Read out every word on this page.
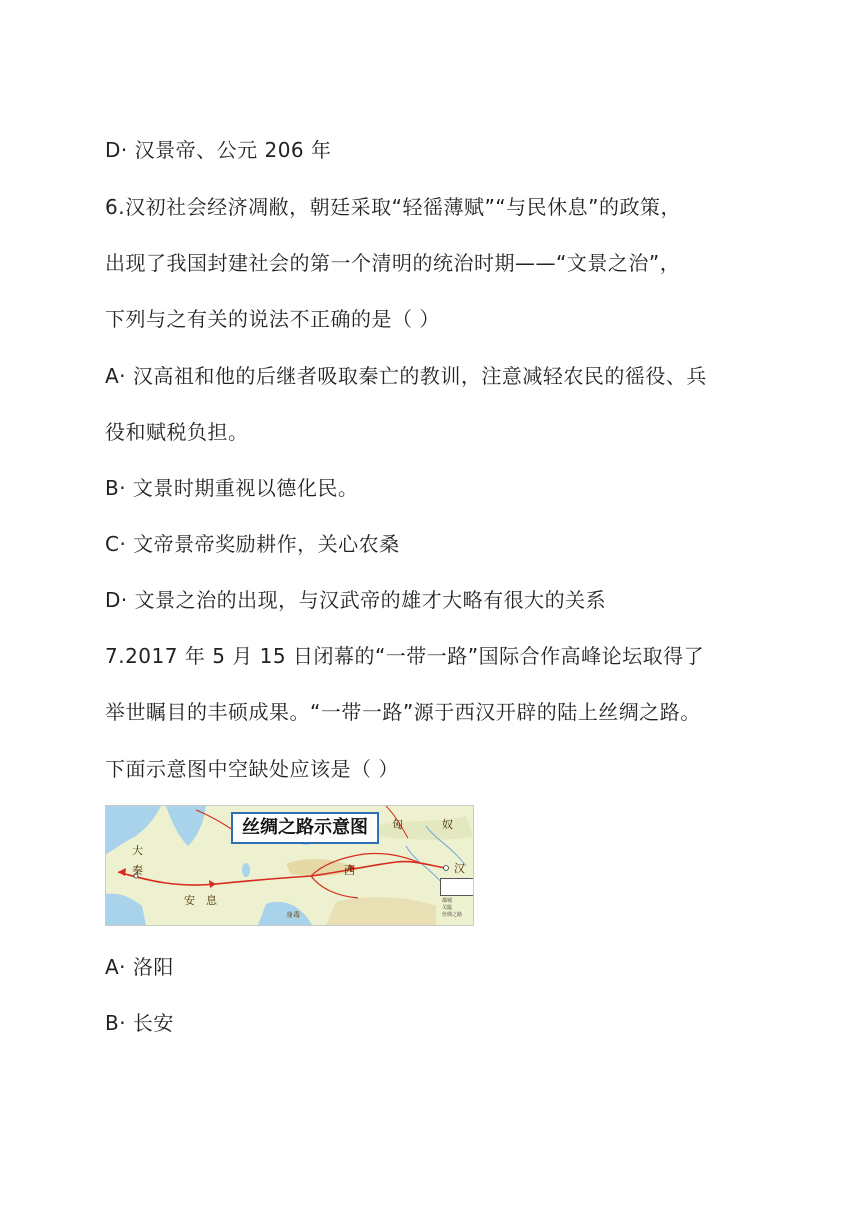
D· 汉景帝、公元 206 年
6.汉初社会经济凋敝，朝廷采取“轻徭薄赋”“与民休息”的政策，
出现了我国封建社会的第一个清明的统治时期——“文景之治”，
下列与之有关的说法不正确的是（ ）
A· 汉高祖和他的后继者吸取秦亡的教训，注意减轻农民的徭役、兵
役和赋税负担。
B· 文景时期重视以德化民。
C· 文帝景帝奖励耕作，关心农桑
D· 文景之治的出现，与汉武帝的雄才大略有很大的关系
7.2017 年 5 月 15 日闭幕的“一带一路”国际合作高峰论坛取得了
举世瞩目的丰硕成果。“一带一路”源于西汉开辟的陆上丝绸之路。
下面示意图中空缺处应该是（ ）
丝绸之路示意图
大
秦
安 息
西	汉
奴
匈
身毒
都城
关隘
丝绸之路
A· 洛阳
B· 长安
